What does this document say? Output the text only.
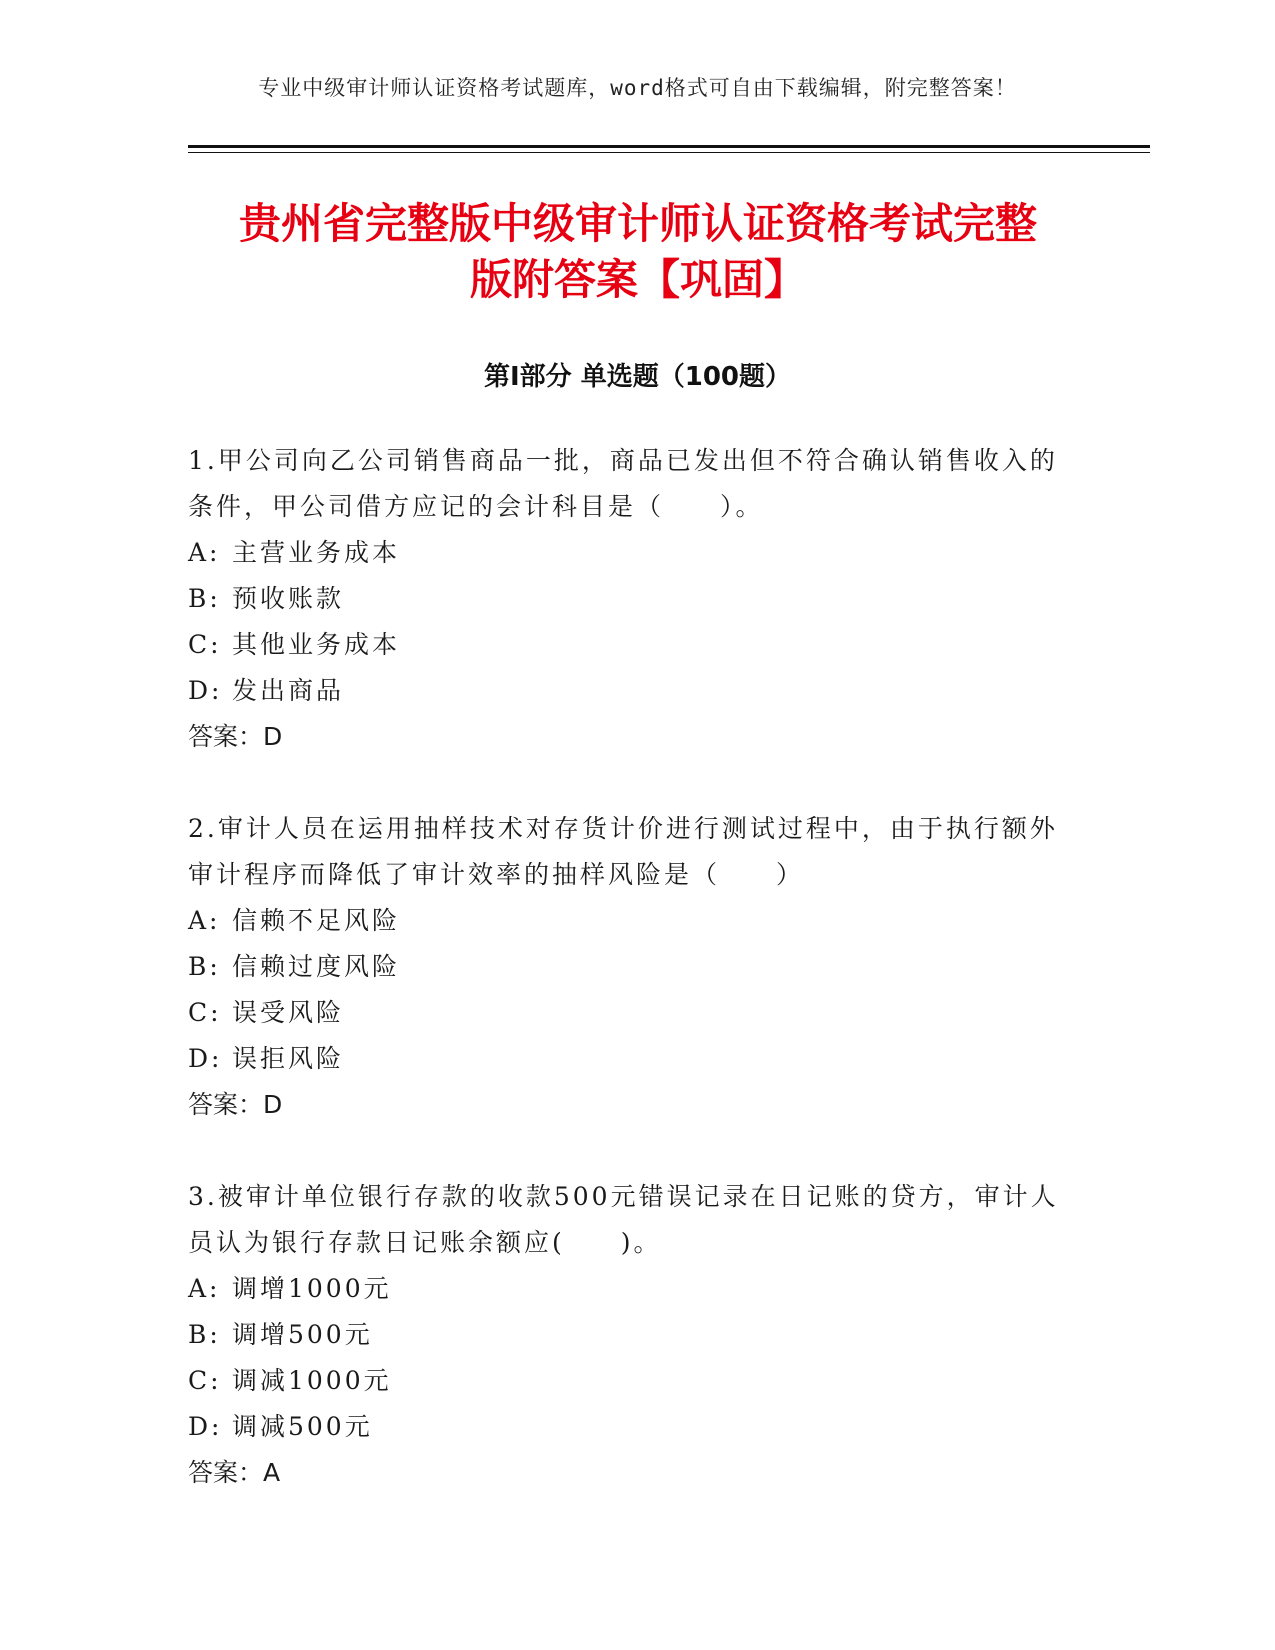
专业中级审计师认证资格考试题库，word格式可自由下载编辑，附完整答案！
贵州省完整版中级审计师认证资格考试完整
版附答案【巩固】
第Ⅰ部分 单选题（100题）

1.甲公司向乙公司销售商品一批，商品已发出但不符合确认销售收入的条件，甲公司借方应记的会计科目是（　　）。

A: 主营业务成本
B: 预收账款
C: 其他业务成本
D: 发出商品

答案：D

2.审计人员在运用抽样技术对存货计价进行测试过程中，由于执行额外审计程序而降低了审计效率的抽样风险是（　　）

A: 信赖不足风险
B: 信赖过度风险
C: 误受风险
D: 误拒风险

答案：D

3.被审计单位银行存款的收款500元错误记录在日记账的贷方，审计人员认为银行存款日记账余额应(　　)。

A: 调增1000元
B: 调增500元
C: 调减1000元
D: 调减500元

答案：A
